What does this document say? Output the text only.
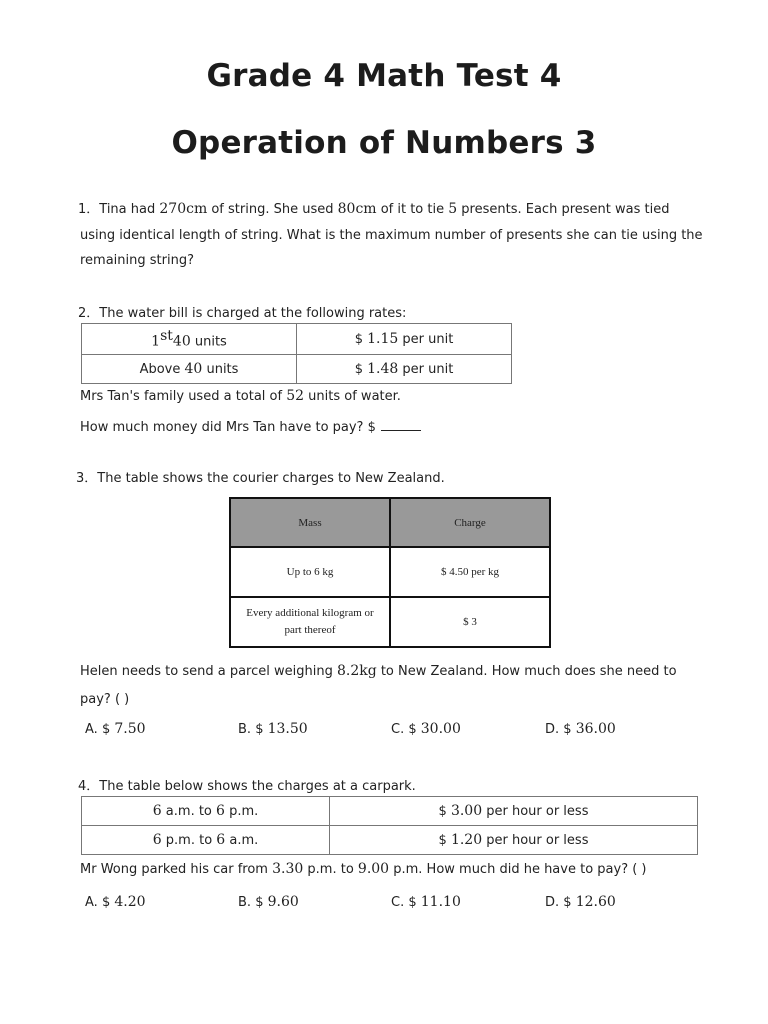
Grade 4 Math Test 4
Operation of Numbers 3
1．Tina had 270cm of string. She used 80cm of it to tie 5 presents. Each present was tied
using identical length of string. What is the maximum number of presents she can tie using the
remaining string?
2．The water bill is charged at the following rates:
1st40 units	$ 1.15 per unit
Above 40 units	$ 1.48 per unit
Mrs Tan's family used a total of 52 units of water.
How much money did Mrs Tan have to pay? $
3．The table shows the courier charges to New Zealand.
Mass	Charge
Up to 6 kg	$ 4.50 per kg
Every additional kilogram or part thereof	$ 3
Helen needs to send a parcel weighing 8.2kg to New Zealand. How much does she need to
pay? ( )
A. $ 7.50	B. $ 13.50	C. $ 30.00	D. $ 36.00
4．The table below shows the charges at a carpark.
6 a.m. to 6 p.m.	$ 3.00 per hour or less
6 p.m. to 6 a.m.	$ 1.20 per hour or less
Mr Wong parked his car from 3.30 p.m. to 9.00 p.m. How much did he have to pay? ( )
A. $ 4.20	B. $ 9.60	C. $ 11.10	D. $ 12.60
